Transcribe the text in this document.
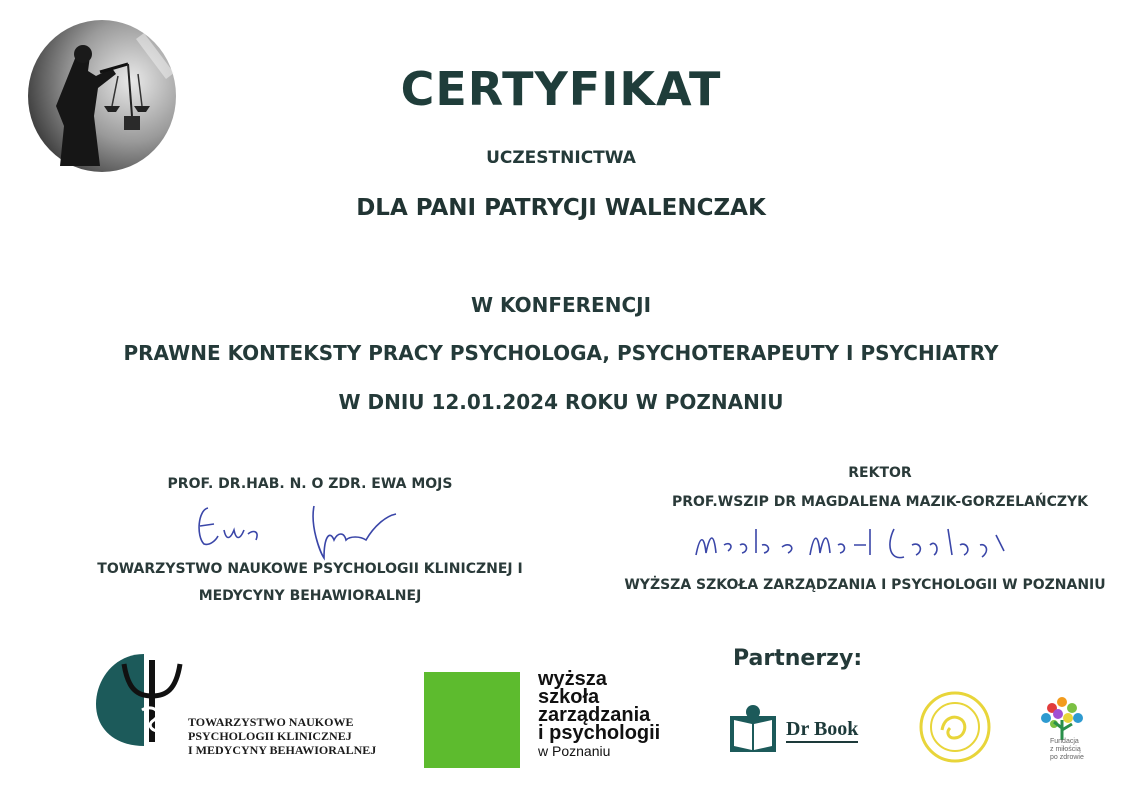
CERTYFIKAT
UCZESTNICTWA
DLA PANI PATRYCJI WALENCZAK
W KONFERENCJI
PRAWNE KONTEKSTY PRACY PSYCHOLOGA, PSYCHOTERAPEUTY I PSYCHIATRY
W DNIU 12.01.2024 ROKU W POZNANIU
PROF. DR.HAB. N. O ZDR. EWA MOJS
TOWARZYSTWO NAUKOWE PSYCHOLOGII KLINICZNEJ I
MEDYCYNY BEHAWIORALNEJ
REKTOR
PROF.WSZIP DR MAGDALENA MAZIK-GORZELAŃCZYK
WYŻSZA SZKOŁA ZARZĄDZANIA I PSYCHOLOGII W POZNANIU
TOWARZYSTWO NAUKOWE
PSYCHOLOGII KLINICZNEJ
I MEDYCYNY BEHAWIORALNEJ
wyższa
szkoła
zarządzania
i psychologii
w Poznaniu
Partnerzy:
Dr Book
Fundacja
z miłością
po zdrowie
